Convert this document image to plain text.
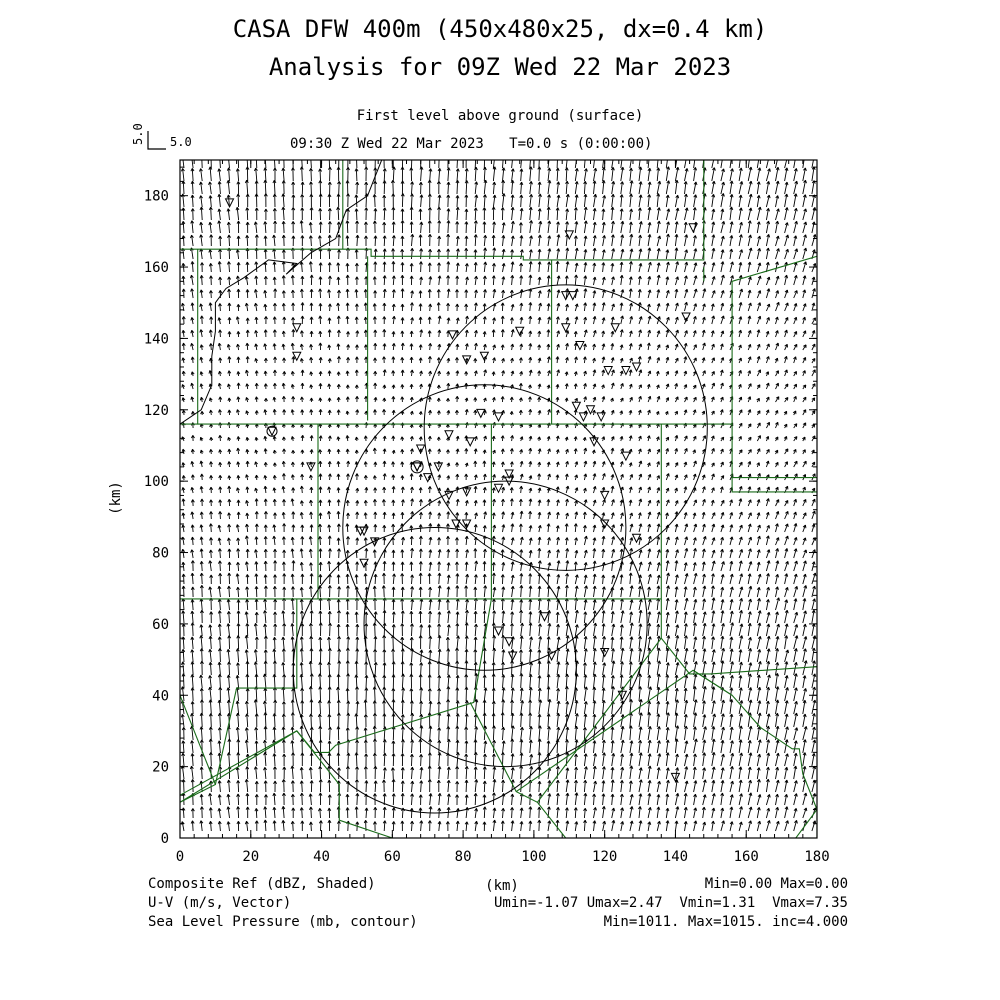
CASA DFW 400m (450x480x25, dx=0.4 km)
Analysis for 09Z Wed 22 Mar 2023
First level above ground (surface)
09:30 Z Wed 22 Mar 2023   T=0.0 s (0:00:00)
0	20	40	60	80	100	120	140	160	180
0
20
40
60
80
100
120
140
160
180
(km)
(km)
5.0 5.0
Composite Ref (dBZ, Shaded)
U-V (m/s, Vector)
Sea Level Pressure (mb, contour)
Min=0.00 Max=0.00
Umin=-1.07 Umax=2.47  Vmin=1.31  Vmax=7.35
Min=1011. Max=1015. inc=4.000
